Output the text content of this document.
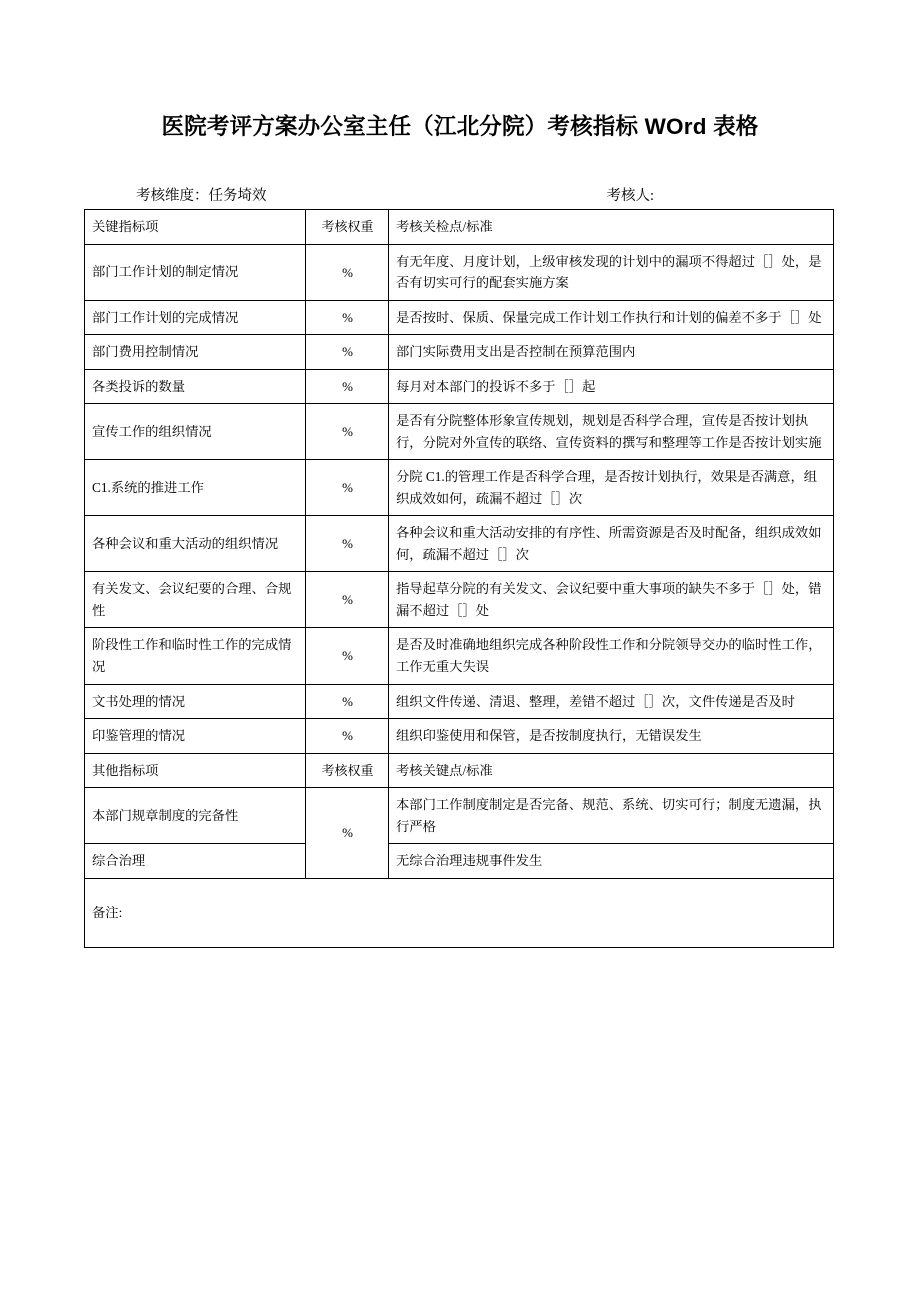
医院考评方案办公室主任（江北分院）考核指标 WOrd 表格
考核维度：任务埼效	考核人:
关键指标项	考核权重	考核关检点/标准
部门工作计划的制定情况	%	有无年度、月度计划，上级审核发现的计划中的漏项不得超过［］处，是否有切实可行的配套实施方案
部门工作计划的完成情况	%	是否按时、保质、保量完成工作计划工作执行和计划的偏差不多于［］处
部门费用控制情况	%	部门实际费用支出是否控制在预算范围内
各类投诉的数量	%	每月对本部门的投诉不多于［］起
宣传工作的组织情况	%	是否有分院整体形象宣传规划，规划是否科学合理，宣传是否按计划执行，分院对外宣传的联络、宣传资料的撰写和整理等工作是否按计划实施
C1.系统的推进工作	%	分院 C1.的管理工作是否科学合理，是否按计划执行，效果是否满意，组织成效如何，疏漏不超过［］次
各种会议和重大活动的组织情况	%	各种会议和重大活动安排的有序性、所需资源是否及时配备，组织成效如何，疏漏不超过［］次
有关发文、会议纪要的合理、合规性	%	指导起草分院的有关发文、会议纪要中重大事项的缺失不多于［］处，错漏不超过［］处
阶段性工作和临时性工作的完成情况	%	是否及时准确地组织完成各种阶段性工作和分院领导交办的临时性工作，工作无重大失误
文书处理的情况	%	组织文件传递、清退、整理，差错不超过［］次，文件传递是否及时
印鉴管理的情况	%	组织印鉴使用和保管，是否按制度执行，无错误发生
其他指标项	考核权重	考核关键点/标准
本部门规章制度的完备性	%	本部门工作制度制定是否完备、规范、系统、切实可行；制度无遗漏，执行严格
综合治理		无综合治理违规事件发生
备注:		
